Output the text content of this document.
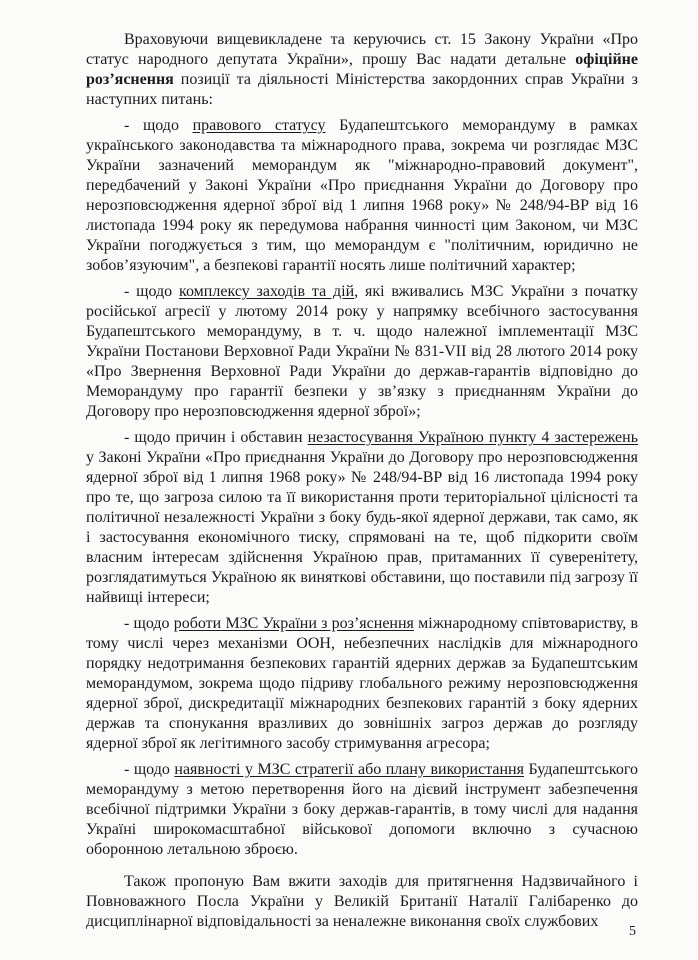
Враховуючи вищевикладене та керуючись ст. 15 Закону України «Про статус народного депутата України», прошу Вас надати детальне офіційне роз’яснення позиції та діяльності Міністерства закордонних справ України з наступних питань:

- щодо правового статусу Будапештського меморандуму в рамках українського законодавства та міжнародного права, зокрема чи розглядає МЗС України зазначений меморандум як "міжнародно-правовий документ", передбачений у Законі України «Про приєднання України до Договору про нерозповсюдження ядерної зброї від 1 липня 1968 року» № 248/94-ВР від 16 листопада 1994 року як передумова набрання чинності цим Законом, чи МЗС України погоджується з тим, що меморандум є "політичним, юридично не зобов’язуючим", а безпекові гарантії носять лише політичний характер;

- щодо комплексу заходів та дій, які вживались МЗС України з початку російської агресії у лютому 2014 року у напрямку всебічного застосування Будапештського меморандуму, в т. ч. щодо належної імплементації МЗС України Постанови Верховної Ради України № 831-VII від 28 лютого 2014 року «Про Звернення Верховної Ради України до держав-гарантів відповідно до Меморандуму про гарантії безпеки у зв’язку з приєднанням України до Договору про нерозповсюдження ядерної зброї»;

- щодо причин і обставин незастосування Україною пункту 4 застережень у Законі України «Про приєднання України до Договору про нерозповсюдження ядерної зброї від 1 липня 1968 року» № 248/94-ВР від 16 листопада 1994 року про те, що загроза силою та її використання проти територіальної цілісності та політичної незалежності України з боку будь-якої ядерної держави, так само, як і застосування економічного тиску, спрямовані на те, щоб підкорити своїм власним інтересам здійснення Україною прав, притаманних її суверенітету, розглядатимуться Україною як виняткові обставини, що поставили під загрозу її найвищі інтереси;

- щодо роботи МЗС України з роз’яснення міжнародному співтовариству, в тому числі через механізми ООН, небезпечних наслідків для міжнародного порядку недотримання безпекових гарантій ядерних держав за Будапештським меморандумом, зокрема щодо підриву глобального режиму нерозповсюдження ядерної зброї, дискредитації міжнародних безпекових гарантій з боку ядерних держав та спонукання вразливих до зовнішніх загроз держав до розгляду ядерної зброї як легітимного засобу стримування агресора;

- щодо наявності у МЗС стратегії або плану використання Будапештського меморандуму з метою перетворення його на дієвий інструмент забезпечення всебічної підтримки України з боку держав-гарантів, в тому числі для надання Україні широкомасштабної військової допомоги включно з сучасною оборонною летальною зброєю.

Також пропоную Вам вжити заходів для притягнення Надзвичайного і Повноважного Посла України у Великій Британії Наталії Галібаренко до дисциплінарної відповідальності за неналежне виконання своїх службових

5
